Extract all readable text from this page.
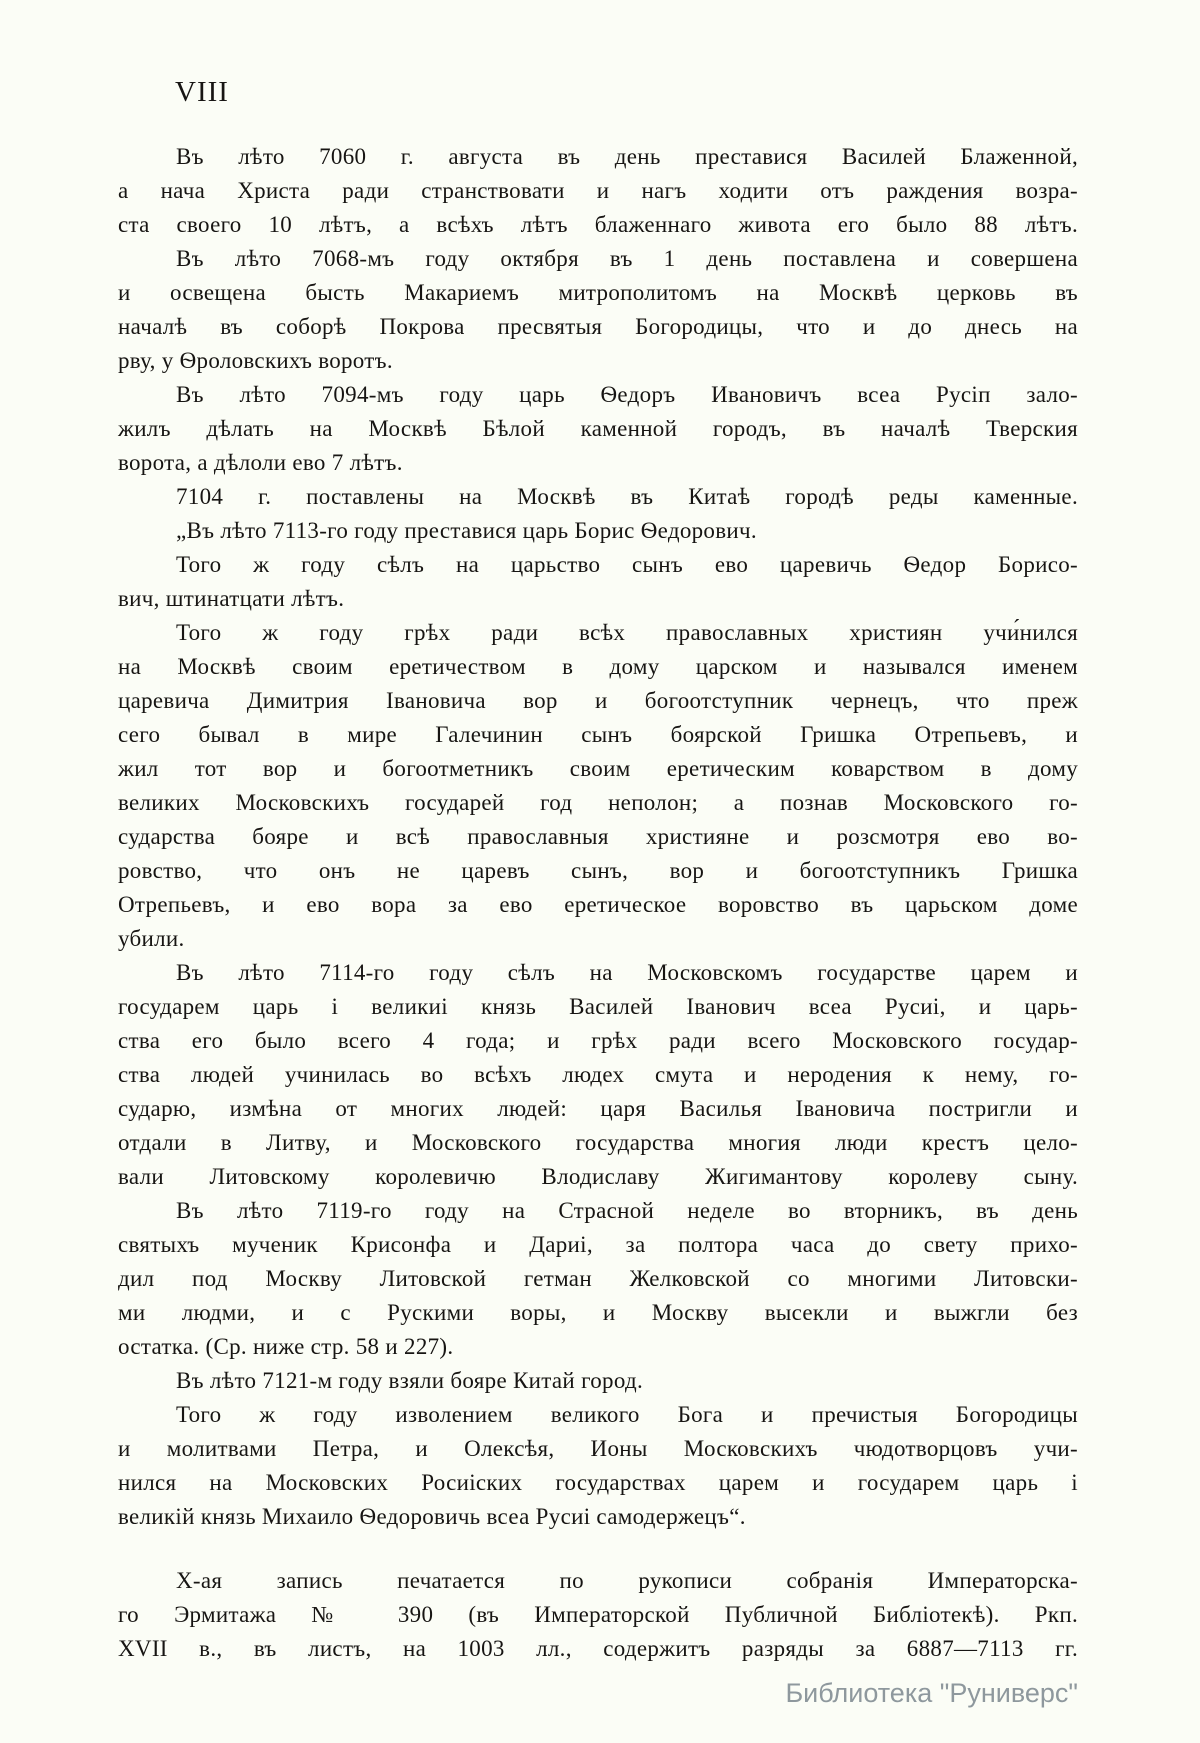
VIII
Въ лѣто 7060 г. августа въ день преставися Василей Блаженной,
а нача Христа ради странствовати и нагъ ходити отъ раждения возра-
ста своего 10 лѣтъ, а всѣхъ лѣтъ блаженнаго живота его было 88 лѣтъ.
Въ лѣто 7068-мъ году октября въ 1 день поставлена и совершена
и освещена бысть Макариемъ митрополитомъ на Москвѣ церковь въ
началѣ въ соборѣ Покрова пресвятыя Богородицы, что и до днесь на
рву, у Ѳроловскихъ воротъ.
Въ лѣто 7094-мъ году царь Ѳедоръ Ивановичъ всеа Русіп зало-
жилъ дѣлать на Москвѣ Бѣлой каменной городъ, въ началѣ Тверския
ворота, а дѣлоли ево 7 лѣтъ.
7104 г. поставлены на Москвѣ въ Китаѣ городѣ реды каменные.
„Въ лѣто 7113-го году преставися царь Борис Ѳедорович.
Того ж году сѣлъ на царьство сынъ ево царевичь Ѳедор Борисо-
вич, штинатцати лѣтъ.
Того ж году грѣх ради всѣх православных християн учи́нился
на Москвѣ своим еретичеством в дому царском и назывался именем
царевича Димитрия Івановича вор и богоотступник чернецъ, что преж
сего бывал в мире Галечинин сынъ боярской Гришка Отрепьевъ, и
жил тот вор и богоотметникъ своим еретическим коварством в дому
великих Московскихъ государей год неполон; а познав Московского го-
сударства бояре и всѣ православныя християне и розсмотря ево во-
ровство, что онъ не царевъ сынъ, вор и богоотступникъ Гришка
Отрепьевъ, и ево вора за ево еретическое воровство въ царьском доме
убили.
Въ лѣто 7114-го году сѣлъ на Московскомъ государстве царем и
государем царь і великиі князь Василей Іванович всеа Русиі, и царь-
ства его было всего 4 года; и грѣх ради всего Московского государ-
ства людей учинилась во всѣхъ людех смута и неродения к нему, го-
сударю, измѣна от многих людей: царя Василья Івановича постригли и
отдали в Литву, и Московского государства многия люди крестъ цело-
вали Литовскому королевичю Влодиславу Жигимантову королеву сыну.
Въ лѣто 7119-го году на Страсной неделе во вторникъ, въ день
святыхъ мученик Крисонфа и Дариі, за полтора часа до свету прихо-
дил под Москву Литовской гетман Желковской со многими Литовски-
ми людми, и с Рускими воры, и Москву высекли и выжгли без
остатка. (Ср. ниже стр. 58 и 227).
Въ лѣто 7121-м году взяли бояре Китай город.
Того ж году изволением великого Бога и пречистыя Богородицы
и молитвами Петра, и Олексѣя, Ионы Московскихъ чюдотворцовъ учи-
нился на Московских Росиіских государствах царем и государем царь і
великій князь Михаило Ѳедоровичь всеа Русиі самодержецъ“.
Х-ая запись печатается по рукописи собранія Императорска-
го Эрмитажа № 390 (въ Императорской Публичной Библіотекѣ). Ркп.
XVII в., въ листъ, на 1003 лл., содержитъ разряды за 6887—7113 гг.
Библиотека "Руниверс"
